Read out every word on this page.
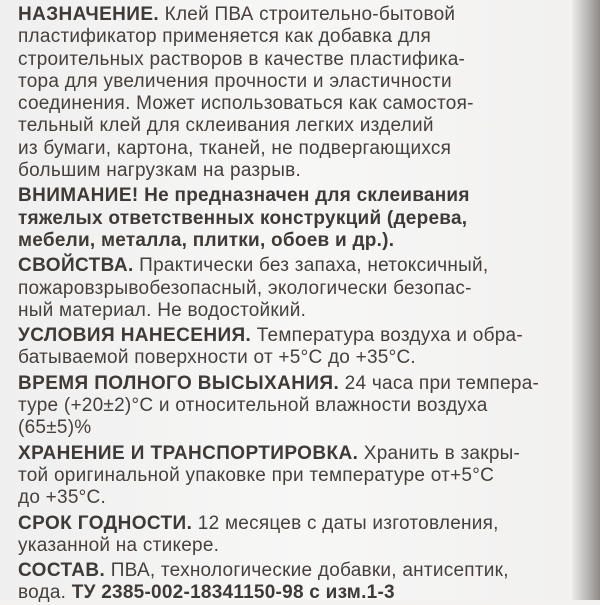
НАЗНАЧЕНИЕ. Клей ПВА строительно-бытовой
пластификатор применяется как добавка для
строительных растворов в качестве пластифика-
тора для увеличения прочности и эластичности
соединения. Может использоваться как самостоя-
тельный клей для склеивания легких изделий
из бумаги, картона, тканей, не подвергающихся
большим нагрузкам на разрыв.
ВНИМАНИЕ! Не предназначен для склеивания
тяжелых ответственных конструкций (дерева,
мебели, металла, плитки, обоев и др.).
СВОЙСТВА. Практически без запаха, нетоксичный,
пожаровзрывобезопасный, экологически безопас-
ный материал. Не водостойкий.
УСЛОВИЯ НАНЕСЕНИЯ. Температура воздуха и обра-
батываемой поверхности от +5°С до +35°С.
ВРЕМЯ ПОЛНОГО ВЫСЫХАНИЯ. 24 часа при темпера-
туре (+20±2)°С и относительной влажности воздуха
(65±5)%
ХРАНЕНИЕ И ТРАНСПОРТИРОВКА. Хранить в закры-
той оригинальной упаковке при температуре от+5°С
до +35°С.
СРОК ГОДНОСТИ. 12 месяцев с даты изготовления,
указанной на стикере.
СОСТАВ. ПВА, технологические добавки, антисептик,
вода. ТУ 2385-002-18341150-98 с изм.1-3
